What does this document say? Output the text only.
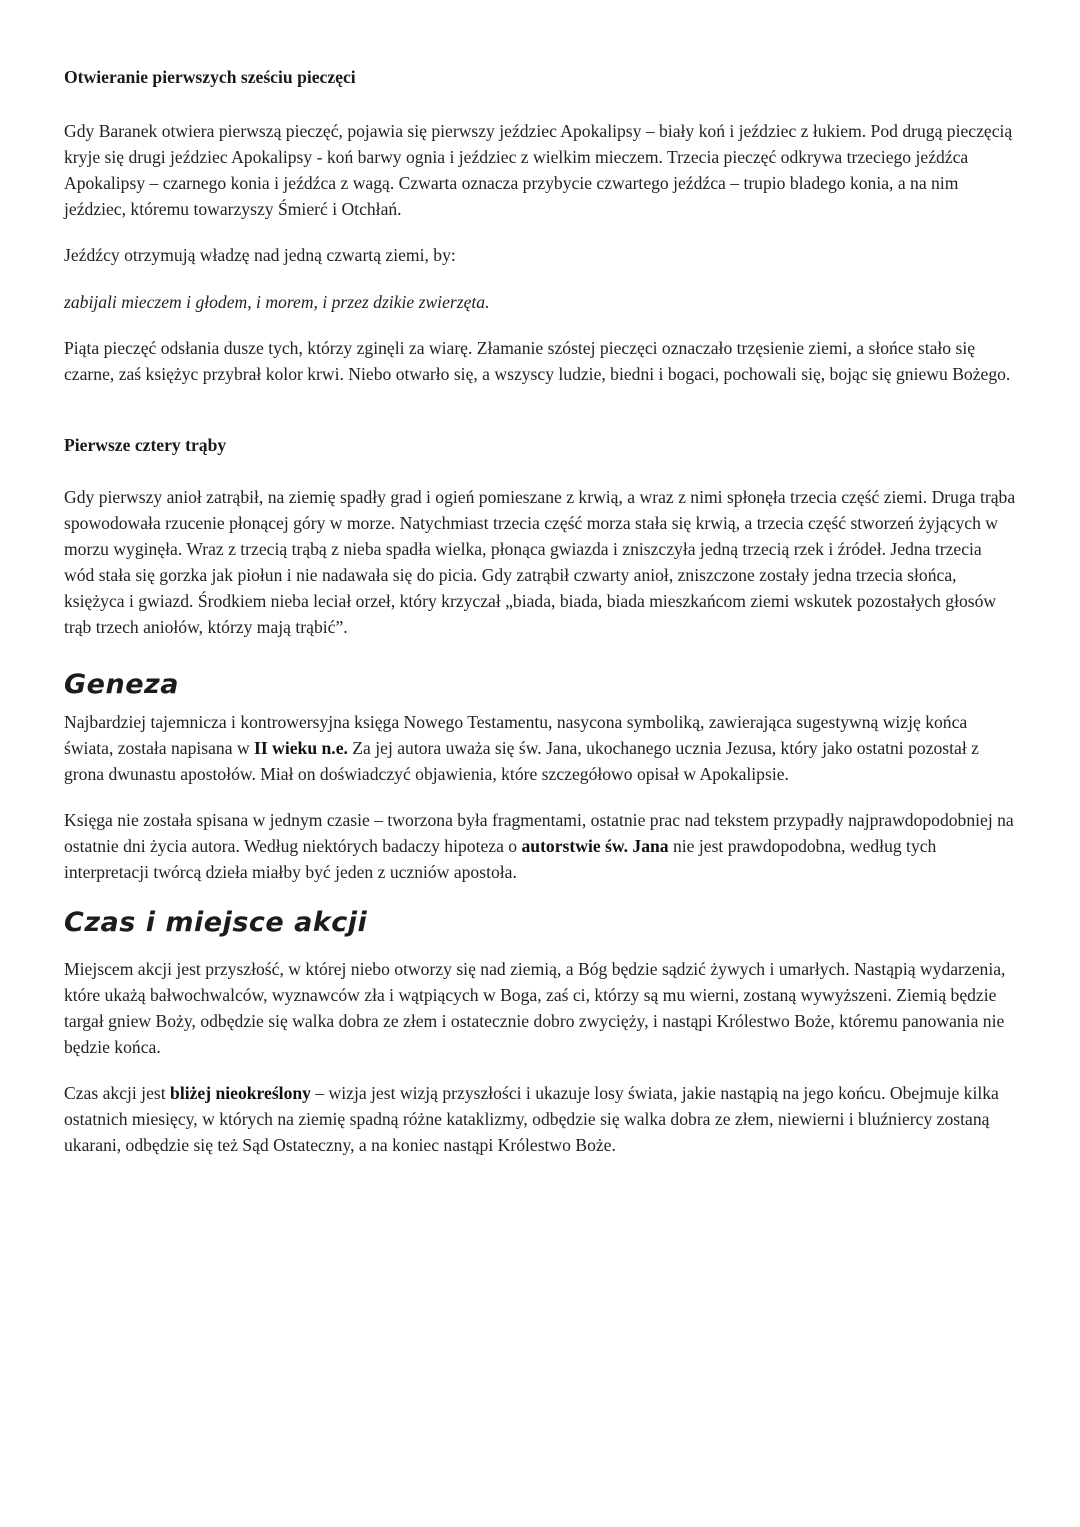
Otwieranie pierwszych sześciu pieczęci

Gdy Baranek otwiera pierwszą pieczęć, pojawia się pierwszy jeździec Apokalipsy – biały koń i jeździec z łukiem. Pod drugą pieczęcią kryje się drugi jeździec Apokalipsy - koń barwy ognia i jeździec z wielkim mieczem. Trzecia pieczęć odkrywa trzeciego jeźdźca Apokalipsy – czarnego konia i jeźdźca z wagą. Czwarta oznacza przybycie czwartego jeźdźca – trupio bladego konia, a na nim jeździec, któremu towarzyszy Śmierć i Otchłań.

Jeźdźcy otrzymują władzę nad jedną czwartą ziemi, by:

zabijali mieczem i głodem, i morem, i przez dzikie zwierzęta.

Piąta pieczęć odsłania dusze tych, którzy zginęli za wiarę. Złamanie szóstej pieczęci oznaczało trzęsienie ziemi, a słońce stało się czarne, zaś księżyc przybrał kolor krwi. Niebo otwarło się, a wszyscy ludzie, biedni i bogaci, pochowali się, bojąc się gniewu Bożego.

Pierwsze cztery trąby

Gdy pierwszy anioł zatrąbił, na ziemię spadły grad i ogień pomieszane z krwią, a wraz z nimi spłonęła trzecia część ziemi. Druga trąba spowodowała rzucenie płonącej góry w morze. Natychmiast trzecia część morza stała się krwią, a trzecia część stworzeń żyjących w morzu wyginęła. Wraz z trzecią trąbą z nieba spadła wielka, płonąca gwiazda i zniszczyła jedną trzecią rzek i źródeł. Jedna trzecia wód stała się gorzka jak piołun i nie nadawała się do picia. Gdy zatrąbił czwarty anioł, zniszczone zostały jedna trzecia słońca, księżyca i gwiazd. Środkiem nieba leciał orzeł, który krzyczał „biada, biada, biada mieszkańcom ziemi wskutek pozostałych głosów trąb trzech aniołów, którzy mają trąbić”.

Geneza

Najbardziej tajemnicza i kontrowersyjna księga Nowego Testamentu, nasycona symboliką, zawierająca sugestywną wizję końca świata, została napisana w II wieku n.e. Za jej autora uważa się św. Jana, ukochanego ucznia Jezusa, który jako ostatni pozostał z grona dwunastu apostołów. Miał on doświadczyć objawienia, które szczegółowo opisał w Apokalipsie.

Księga nie została spisana w jednym czasie – tworzona była fragmentami, ostatnie prac nad tekstem przypadły najprawdopodobniej na ostatnie dni życia autora. Według niektórych badaczy hipoteza o autorstwie św. Jana nie jest prawdopodobna, według tych interpretacji twórcą dzieła miałby być jeden z uczniów apostoła.

Czas i miejsce akcji

Miejscem akcji jest przyszłość, w której niebo otworzy się nad ziemią, a Bóg będzie sądzić żywych i umarłych. Nastąpią wydarzenia, które ukażą bałwochwalców, wyznawców zła i wątpiących w Boga, zaś ci, którzy są mu wierni, zostaną wywyższeni. Ziemią będzie targał gniew Boży, odbędzie się walka dobra ze złem i ostatecznie dobro zwycięży, i nastąpi Królestwo Boże, któremu panowania nie będzie końca.

Czas akcji jest bliżej nieokreślony – wizja jest wizją przyszłości i ukazuje losy świata, jakie nastąpią na jego końcu. Obejmuje kilka ostatnich miesięcy, w których na ziemię spadną różne kataklizmy, odbędzie się walka dobra ze złem, niewierni i bluźniercy zostaną ukarani, odbędzie się też Sąd Ostateczny, a na koniec nastąpi Królestwo Boże.
